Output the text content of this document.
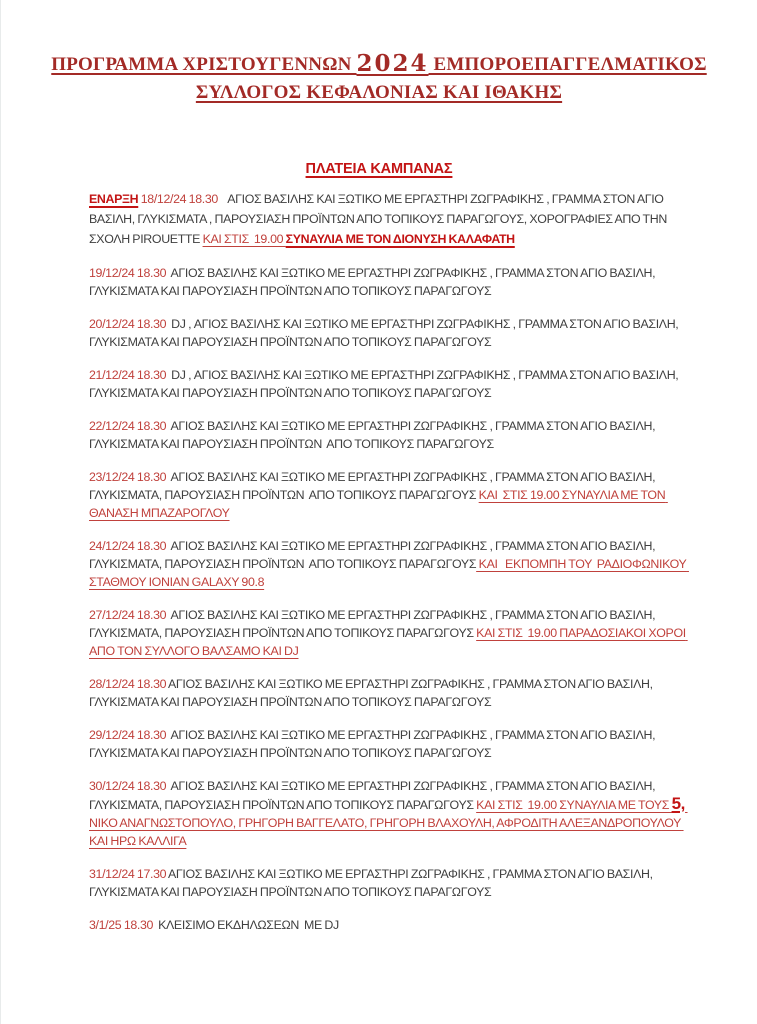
ΠΡΟΓΡΑΜΜΑ ΧΡΙΣΤΟΥΓΕΝΝΩΝ 2024 ΕΜΠΟΡΟΕΠΑΓΓΕΛΜΑΤΙΚΟΣ
ΣΥΛΛΟΓΟΣ ΚΕΦΑΛΟΝΙΑΣ ΚΑΙ ΙΘΑΚΗΣ
ΠΛΑΤΕΙΑ ΚΑΜΠΑΝΑΣ

ΕΝΑΡΞΗ 18/12/24 18.30    ΑΓΙΟΣ ΒΑΣΙΛΗΣ ΚΑΙ ΞΩΤΙΚΟ ΜΕ ΕΡΓΑΣΤΗΡΙ ΖΩΓΡΑΦΙΚΗΣ , ΓΡΑΜΜΑ ΣΤΟΝ ΑΓΙΟ ΒΑΣΙΛΗ, ΓΛΥΚΙΣΜΑΤΑ , ΠΑΡΟΥΣΙΑΣΗ ΠΡΟΪΝΤΩΝ ΑΠΟ ΤΟΠΙΚΟΥΣ ΠΑΡΑΓΩΓΟΥΣ, ΧΟΡΟΓΡΑΦΙΕΣ ΑΠΟ ΤΗΝ ΣΧΟΛΗ PIROUETTE ΚΑΙ ΣΤΙΣ  19.00 ΣΥΝΑΥΛΙΑ ΜΕ ΤΟΝ ΔΙΟΝΥΣΗ ΚΑΛΑΦΑΤΗ

19/12/24 18.30  ΑΓΙΟΣ ΒΑΣΙΛΗΣ ΚΑΙ ΞΩΤΙΚΟ ΜΕ ΕΡΓΑΣΤΗΡΙ ΖΩΓΡΑΦΙΚΗΣ , ΓΡΑΜΜΑ ΣΤΟΝ ΑΓΙΟ ΒΑΣΙΛΗ, ΓΛΥΚΙΣΜΑΤΑ ΚΑΙ ΠΑΡΟΥΣΙΑΣΗ ΠΡΟΪΝΤΩΝ ΑΠΟ ΤΟΠΙΚΟΥΣ ΠΑΡΑΓΩΓΟΥΣ

20/12/24 18.30  DJ , ΑΓΙΟΣ ΒΑΣΙΛΗΣ ΚΑΙ ΞΩΤΙΚΟ ΜΕ ΕΡΓΑΣΤΗΡΙ ΖΩΓΡΑΦΙΚΗΣ , ΓΡΑΜΜΑ ΣΤΟΝ ΑΓΙΟ ΒΑΣΙΛΗ, ΓΛΥΚΙΣΜΑΤΑ ΚΑΙ ΠΑΡΟΥΣΙΑΣΗ ΠΡΟΪΝΤΩΝ ΑΠΟ ΤΟΠΙΚΟΥΣ ΠΑΡΑΓΩΓΟΥΣ

21/12/24 18.30  DJ , ΑΓΙΟΣ ΒΑΣΙΛΗΣ ΚΑΙ ΞΩΤΙΚΟ ΜΕ ΕΡΓΑΣΤΗΡΙ ΖΩΓΡΑΦΙΚΗΣ , ΓΡΑΜΜΑ ΣΤΟΝ ΑΓΙΟ ΒΑΣΙΛΗ, ΓΛΥΚΙΣΜΑΤΑ ΚΑΙ ΠΑΡΟΥΣΙΑΣΗ ΠΡΟΪΝΤΩΝ ΑΠΟ ΤΟΠΙΚΟΥΣ ΠΑΡΑΓΩΓΟΥΣ

22/12/24 18.30  ΑΓΙΟΣ ΒΑΣΙΛΗΣ ΚΑΙ ΞΩΤΙΚΟ ΜΕ ΕΡΓΑΣΤΗΡΙ ΖΩΓΡΑΦΙΚΗΣ , ΓΡΑΜΜΑ ΣΤΟΝ ΑΓΙΟ ΒΑΣΙΛΗ, ΓΛΥΚΙΣΜΑΤΑ ΚΑΙ ΠΑΡΟΥΣΙΑΣΗ ΠΡΟΪΝΤΩΝ  ΑΠΟ ΤΟΠΙΚΟΥΣ ΠΑΡΑΓΩΓΟΥΣ

23/12/24 18.30  ΑΓΙΟΣ ΒΑΣΙΛΗΣ ΚΑΙ ΞΩΤΙΚΟ ΜΕ ΕΡΓΑΣΤΗΡΙ ΖΩΓΡΑΦΙΚΗΣ , ΓΡΑΜΜΑ ΣΤΟΝ ΑΓΙΟ ΒΑΣΙΛΗ, ΓΛΥΚΙΣΜΑΤΑ, ΠΑΡΟΥΣΙΑΣΗ ΠΡΟΪΝΤΩΝ  ΑΠΟ ΤΟΠΙΚΟΥΣ ΠΑΡΑΓΩΓΟΥΣ ΚΑΙ  ΣΤΙΣ 19.00 ΣΥΝΑΥΛΙΑ ΜΕ ΤΟΝ ΘΑΝΑΣΗ ΜΠΑΖΑΡΟΓΛΟΥ

24/12/24 18.30  ΑΓΙΟΣ ΒΑΣΙΛΗΣ ΚΑΙ ΞΩΤΙΚΟ ΜΕ ΕΡΓΑΣΤΗΡΙ ΖΩΓΡΑΦΙΚΗΣ , ΓΡΑΜΜΑ ΣΤΟΝ ΑΓΙΟ ΒΑΣΙΛΗ, ΓΛΥΚΙΣΜΑΤΑ, ΠΑΡΟΥΣΙΑΣΗ ΠΡΟΪΝΤΩΝ  ΑΠΟ ΤΟΠΙΚΟΥΣ ΠΑΡΑΓΩΓΟΥΣ ΚΑΙ   ΕΚΠΟΜΠΗ ΤΟΥ  ΡΑΔΙΟΦΩΝΙΚΟΥ ΣΤΑΘΜΟΥ IONIAN GALAXY 90.8

27/12/24 18.30  ΑΓΙΟΣ ΒΑΣΙΛΗΣ ΚΑΙ ΞΩΤΙΚΟ ΜΕ ΕΡΓΑΣΤΗΡΙ ΖΩΓΡΑΦΙΚΗΣ , ΓΡΑΜΜΑ ΣΤΟΝ ΑΓΙΟ ΒΑΣΙΛΗ, ΓΛΥΚΙΣΜΑΤΑ, ΠΑΡΟΥΣΙΑΣΗ ΠΡΟΪΝΤΩΝ ΑΠΟ ΤΟΠΙΚΟΥΣ ΠΑΡΑΓΩΓΟΥΣ ΚΑΙ ΣΤΙΣ  19.00 ΠΑΡΑΔΟΣΙΑΚΟΙ ΧΟΡΟΙ ΑΠΟ ΤΟΝ ΣΥΛΛΟΓΟ ΒΑΛΣΑΜΟ ΚΑΙ DJ

28/12/24 18.30 ΑΓΙΟΣ ΒΑΣΙΛΗΣ ΚΑΙ ΞΩΤΙΚΟ ΜΕ ΕΡΓΑΣΤΗΡΙ ΖΩΓΡΑΦΙΚΗΣ , ΓΡΑΜΜΑ ΣΤΟΝ ΑΓΙΟ ΒΑΣΙΛΗ, ΓΛΥΚΙΣΜΑΤΑ ΚΑΙ ΠΑΡΟΥΣΙΑΣΗ ΠΡΟΪΝΤΩΝ ΑΠΟ ΤΟΠΙΚΟΥΣ ΠΑΡΑΓΩΓΟΥΣ

29/12/24 18.30  ΑΓΙΟΣ ΒΑΣΙΛΗΣ ΚΑΙ ΞΩΤΙΚΟ ΜΕ ΕΡΓΑΣΤΗΡΙ ΖΩΓΡΑΦΙΚΗΣ , ΓΡΑΜΜΑ ΣΤΟΝ ΑΓΙΟ ΒΑΣΙΛΗ, ΓΛΥΚΙΣΜΑΤΑ ΚΑΙ ΠΑΡΟΥΣΙΑΣΗ ΠΡΟΪΝΤΩΝ ΑΠΟ ΤΟΠΙΚΟΥΣ ΠΑΡΑΓΩΓΟΥΣ

30/12/24 18.30  ΑΓΙΟΣ ΒΑΣΙΛΗΣ ΚΑΙ ΞΩΤΙΚΟ ΜΕ ΕΡΓΑΣΤΗΡΙ ΖΩΓΡΑΦΙΚΗΣ , ΓΡΑΜΜΑ ΣΤΟΝ ΑΓΙΟ ΒΑΣΙΛΗ, ΓΛΥΚΙΣΜΑΤΑ, ΠΑΡΟΥΣΙΑΣΗ ΠΡΟΪΝΤΩΝ ΑΠΟ ΤΟΠΙΚΟΥΣ ΠΑΡΑΓΩΓΟΥΣ ΚΑΙ ΣΤΙΣ  19.00 ΣΥΝΑΥΛΙΑ ΜΕ ΤΟΥΣ 5, ΝΙΚΟ ΑΝΑΓΝΩΣΤΟΠΟΥΛΟ, ΓΡΗΓΟΡΗ ΒΑΓΓΕΛΑΤΟ, ΓΡΗΓΟΡΗ ΒΛΑΧΟΥΛΗ, ΑΦΡΟΔΙΤΗ ΑΛΕΞΑΝΔΡΟΠΟΥΛΟΥ ΚΑΙ ΗΡΩ ΚΑΛΛΙΓΑ

31/12/24 17.30 ΑΓΙΟΣ ΒΑΣΙΛΗΣ ΚΑΙ ΞΩΤΙΚΟ ΜΕ ΕΡΓΑΣΤΗΡΙ ΖΩΓΡΑΦΙΚΗΣ , ΓΡΑΜΜΑ ΣΤΟΝ ΑΓΙΟ ΒΑΣΙΛΗ, ΓΛΥΚΙΣΜΑΤΑ ΚΑΙ ΠΑΡΟΥΣΙΑΣΗ ΠΡΟΪΝΤΩΝ ΑΠΟ ΤΟΠΙΚΟΥΣ ΠΑΡΑΓΩΓΟΥΣ

3/1/25 18.30  ΚΛΕΙΣΙΜΟ ΕΚΔΗΛΩΣΕΩΝ  ΜΕ DJ
